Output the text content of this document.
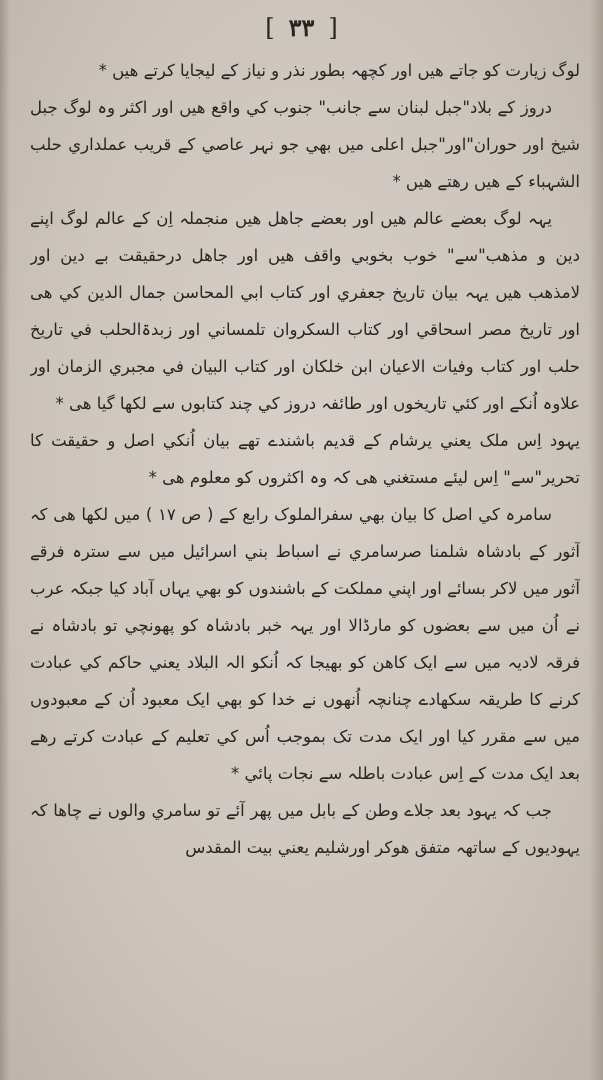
[ ٣٣ ]

لوگ زیارت کو جاتے ھیں اور کچھہ بطور نذر و نیاز کے لیجایا کرتے ھیں *

دروز کے بلاد"جبل لبنان سے جانب" جنوب کي واقع ھیں اور اکثر وہ لوگ جبل شیخ اور حوران"اور"جبل اعلی میں بھي جو نہر عاصي کے قریب عملداري حلب الشہباء کے ھیں رھتے ھیں *

یہہ لوگ بعضے عالم ھیں اور بعضے جاھل ھیں منجملہ اِن کے عالم لوگ اپنے دین و مذھب"سے" خوب بخوبي واقف ھیں اور جاھل درحقیقت بے دین اور لامذھب ھیں یہہ بیان تاریخ جعفري اور کتاب ابي المحاسن جمال الدین کي ھی اور تاریخ مصر اسحاقي اور کتاب السکروان تلمساني اور زبدۃالحلب في تاریخ حلب اور کتاب وفیات الاعیان ابن خلکان اور کتاب البیان في مجبري الزمان اور علاوہ اُنکے اور کئي تاریخوں اور طائفہ دروز کي چند کتابوں سے لکھا گیا ھی *

یہود اِس ملک یعني یرشام کے قدیم باشندے تھے بیان اُنکي اصل و حقیقت کا تحریر"سے" اِس لیئے مستغني ھی کہ وہ اکثروں کو معلوم ھی *

سامرہ کي اصل کا بیان بھي سفرالملوک رابع کے ( ص ١٧ ) میں لکھا ھی کہ آثور کے بادشاہ شلمنا صرسامري نے اسباط بني اسرائیل میں سے سترہ فرقے آثور میں لاکر بسائے اور اپني مملکت کے باشندوں کو بھي یہاں آباد کیا جبکہ عرب نے اُن میں سے بعضوں کو مارڈالا اور یہہ خبر بادشاہ کو پھونچي تو بادشاہ نے فرقہ لادیہ میں سے ایک کاھن کو بھیجا کہ اُنکو الہ البلاد یعني حاکم کي عبادت کرنے کا طریقہ سکھادے چنانچہ اُنھوں نے خدا کو بھي ایک معبود اُن کے معبودوں میں سے مقرر کیا اور ایک مدت تک بموجب اُس کي تعلیم کے عبادت کرتے رھے بعد ایک مدت کے اِس عبادت باطلہ سے نجات پائي *

جب کہ یہود بعد جلاے وطن کے بابل میں پھر آئے تو سامري والوں نے چاھا کہ یہودیوں کے ساتھہ متفق ھوکر اورشلیم یعني بیت المقدس
